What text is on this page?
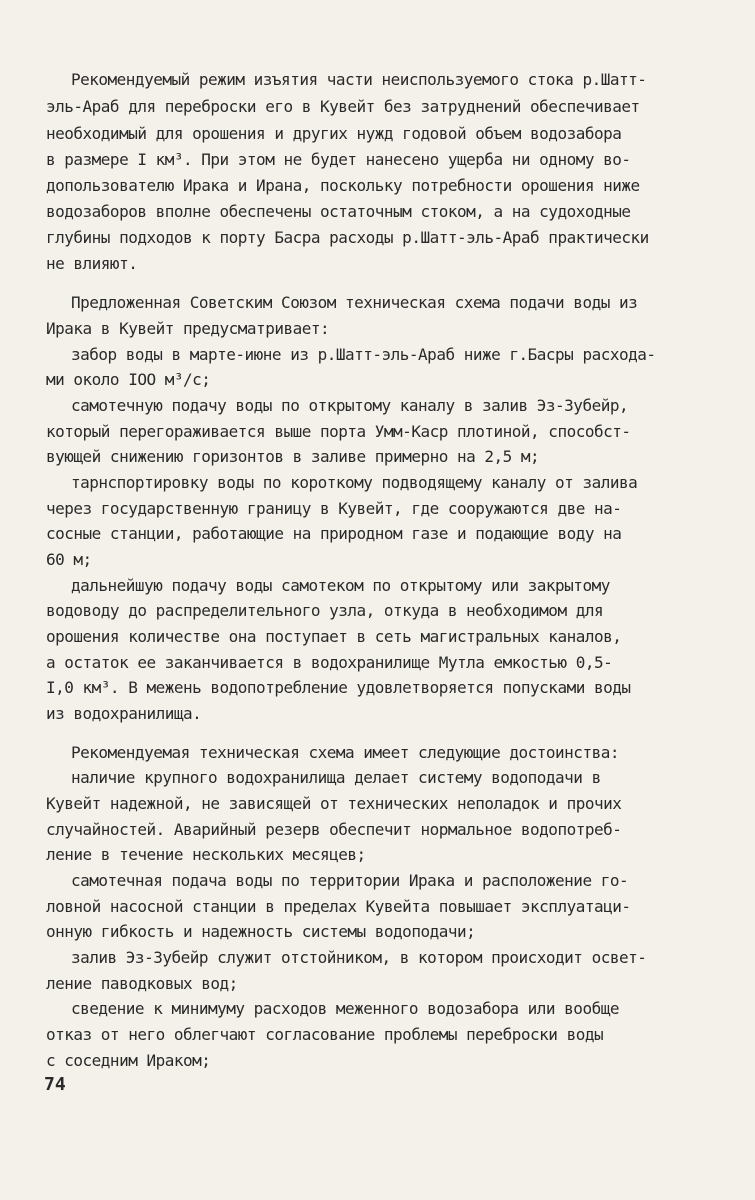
Рекомендуемый режим изъятия части неиспользуемого стока р.Шатт-
эль-Араб для переброски его в Кувейт без затруднений обеспечивает
необходимый для орошения и других нужд годовой объем водозабора
в размере I км³. При этом не будет нанесено ущерба ни одному во-
допользователю Ирака и Ирана, поскольку потребности орошения ниже
водозаборов вполне обеспечены остаточным стоком, а на судоходные
глубины подходов к порту Басра расходы р.Шатт-эль-Араб практически
не влияют.
Предложенная Советским Союзом техническая схема подачи воды из
Ирака в Кувейт предусматривает:
забор воды в марте-июне из р.Шатт-эль-Араб ниже г.Басры расхода-
ми около IOO м³/с;
самотечную подачу воды по открытому каналу в залив Эз-Зубейр,
который перегораживается выше порта Умм-Каср плотиной, способст-
вующей снижению горизонтов в заливе примерно на 2,5 м;
тарнспортировку воды по короткому подводящему каналу от залива
через государственную границу в Кувейт, где сооружаются две на-
сосные станции, работающие на природном газе и подающие воду на
60 м;
дальнейшую подачу воды самотеком по открытому или закрытому
водоводу до распределительного узла, откуда в необходимом для
орошения количестве она поступает в сеть магистральных каналов,
а остаток ее заканчивается в водохранилище Мутла емкостью 0,5-
I,0 км³. В межень водопотребление удовлетворяется попусками воды
из водохранилища.
Рекомендуемая техническая схема имеет следующие достоинства:
наличие крупного водохранилища делает систему водоподачи в
Кувейт надежной, не зависящей от технических неполадок и прочих
случайностей. Аварийный резерв обеспечит нормальное водопотреб-
ление в течение нескольких месяцев;
самотечная подача воды по территории Ирака и расположение го-
ловной насосной станции в пределах Кувейта повышает эксплуатаци-
онную гибкость и надежность системы водоподачи;
залив Эз-Зубейр служит отстойником, в котором происходит освет-
ление паводковых вод;
сведение к минимуму расходов меженного водозабора или вообще
отказ от него облегчают согласование проблемы переброски воды
с соседним Ираком;
74
